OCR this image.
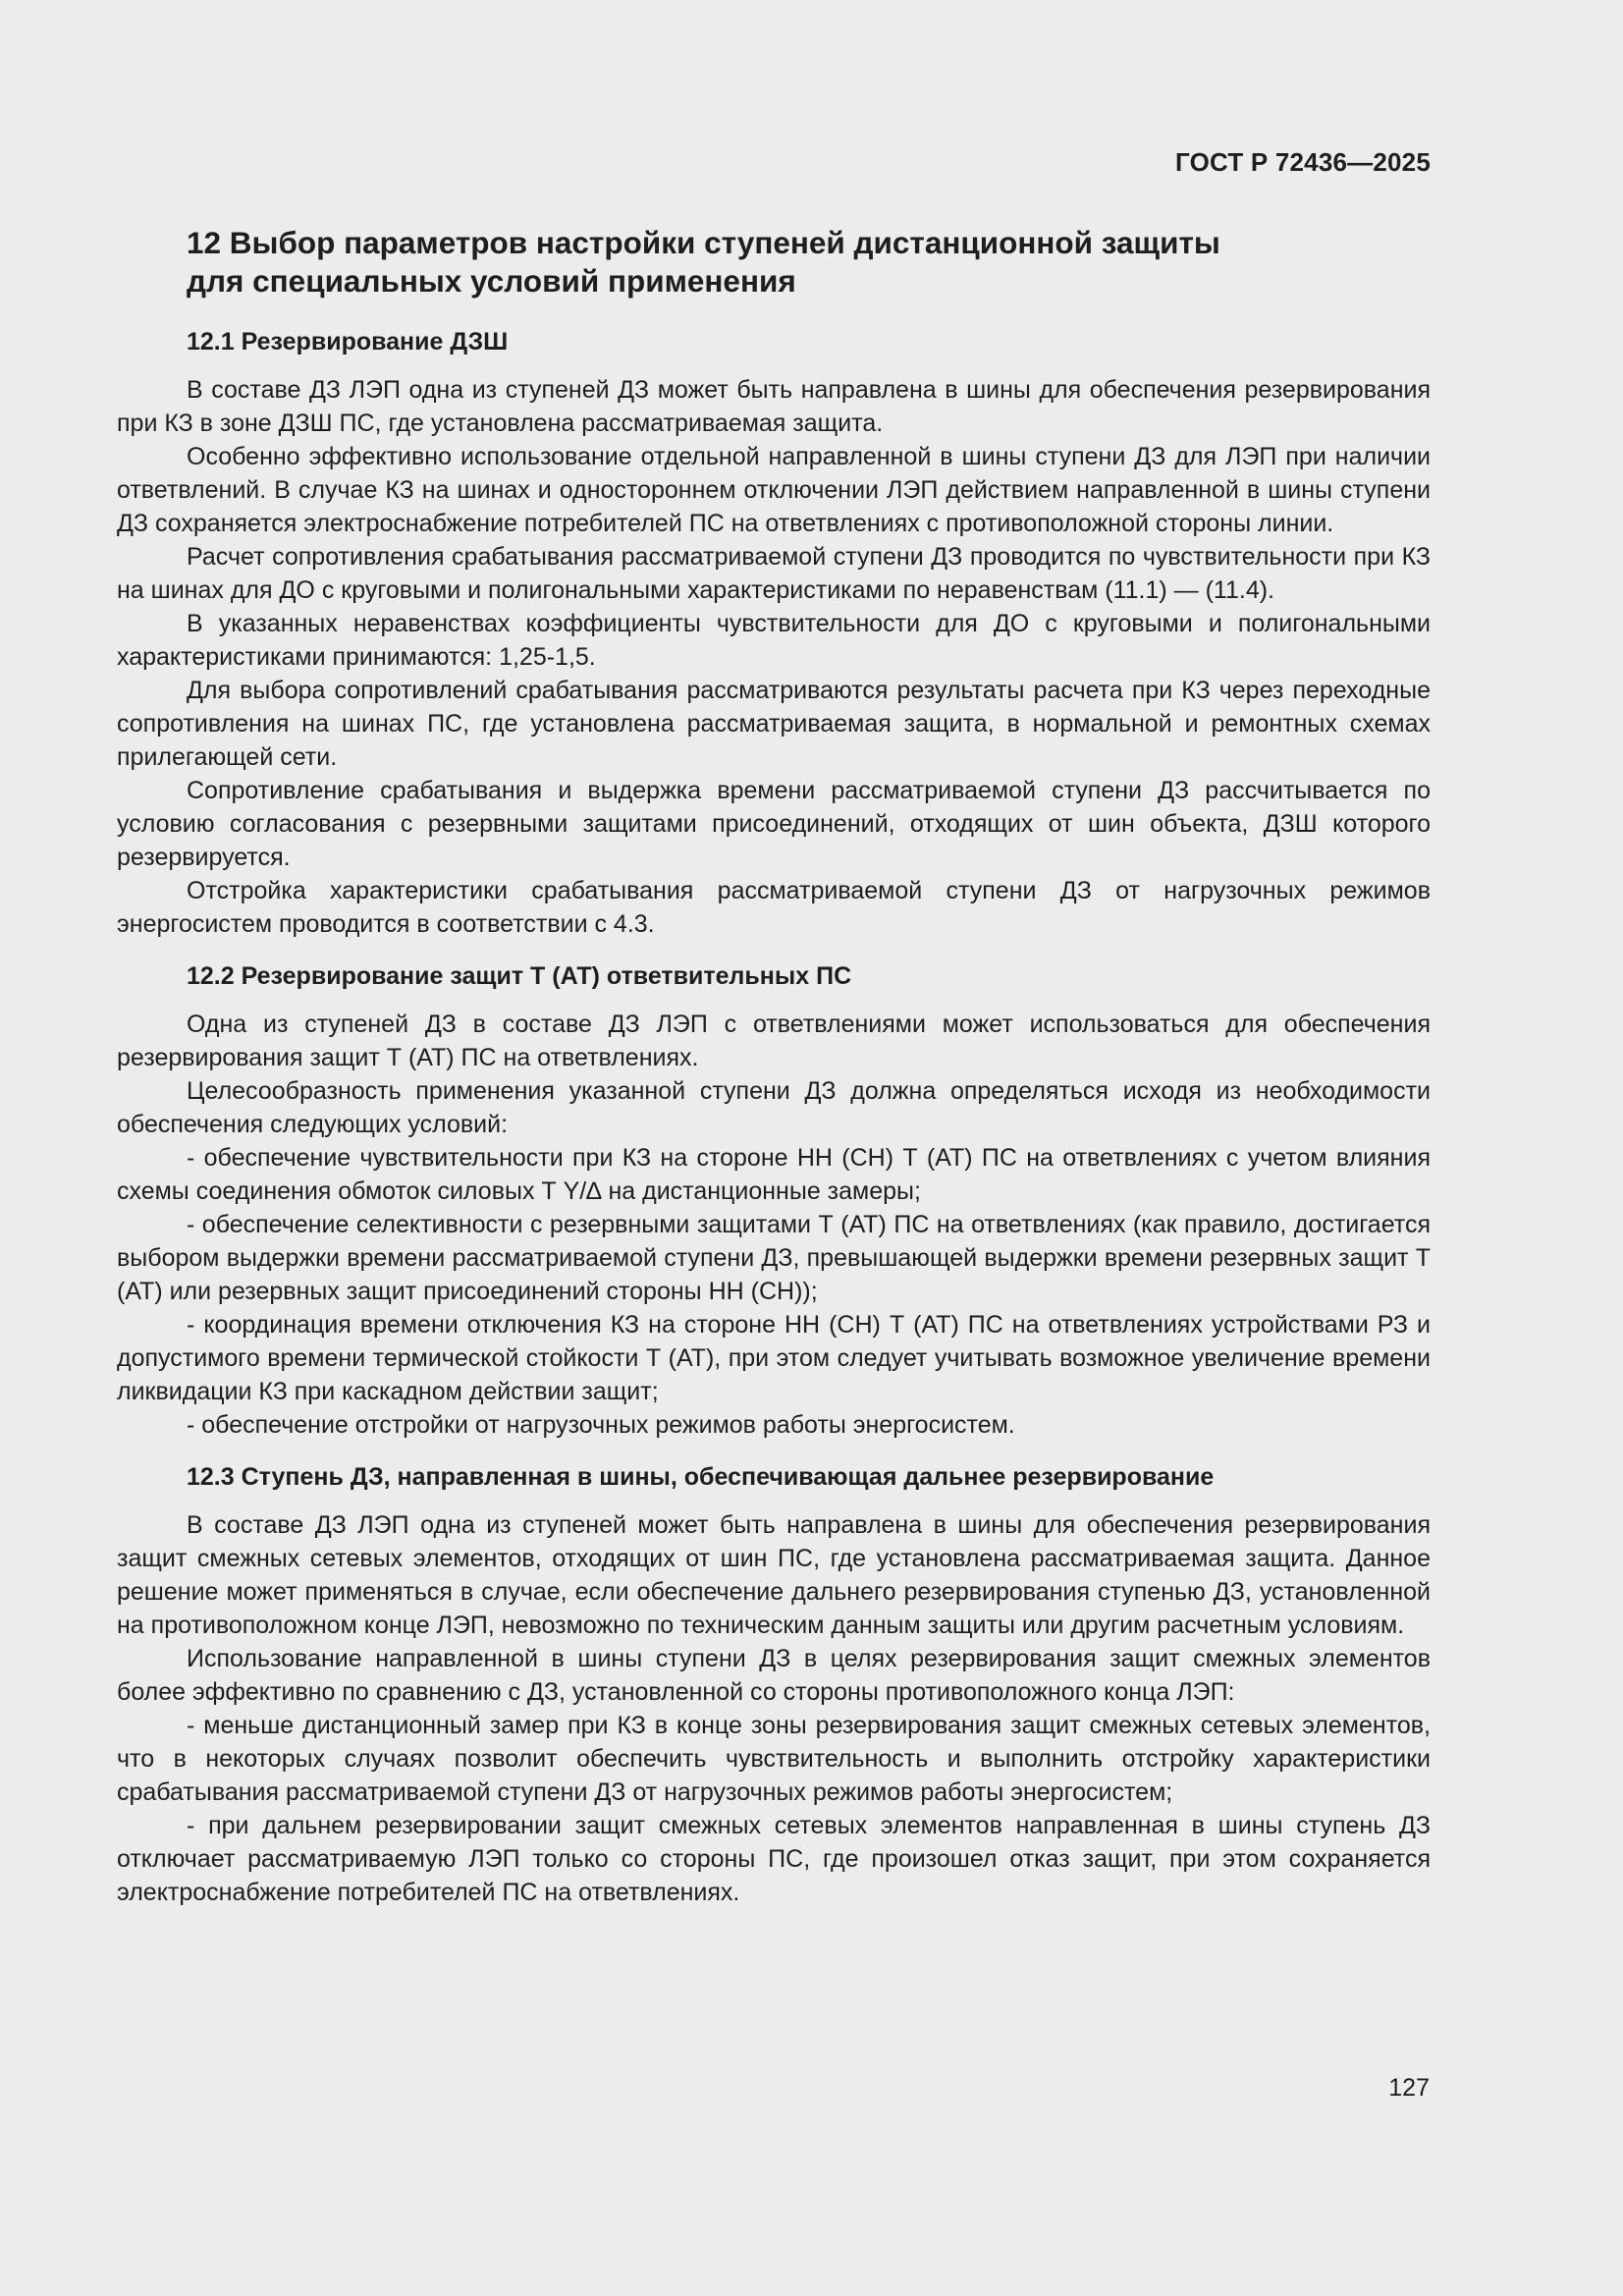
ГОСТ Р 72436—2025
12 Выбор параметров настройки ступеней дистанционной защиты
для специальных условий применения
12.1 Резервирование ДЗШ

В составе ДЗ ЛЭП одна из ступеней ДЗ может быть направлена в шины для обеспечения резервирования при КЗ в зоне ДЗШ ПС, где установлена рассматриваемая защита.

Особенно эффективно использование отдельной направленной в шины ступени ДЗ для ЛЭП при наличии ответвлений. В случае КЗ на шинах и одностороннем отключении ЛЭП действием направленной в шины ступени ДЗ сохраняется электроснабжение потребителей ПС на ответвлениях с противоположной стороны линии.

Расчет сопротивления срабатывания рассматриваемой ступени ДЗ проводится по чувствительности при КЗ на шинах для ДО с круговыми и полигональными характеристиками по неравенствам (11.1) — (11.4).

В указанных неравенствах коэффициенты чувствительности для ДО с круговыми и полигональными характеристиками принимаются: 1,25-1,5.

Для выбора сопротивлений срабатывания рассматриваются результаты расчета при КЗ через переходные сопротивления на шинах ПС, где установлена рассматриваемая защита, в нормальной и ремонтных схемах прилегающей сети.

Сопротивление срабатывания и выдержка времени рассматриваемой ступени ДЗ рассчитывается по условию согласования с резервными защитами присоединений, отходящих от шин объекта, ДЗШ которого резервируется.

Отстройка характеристики срабатывания рассматриваемой ступени ДЗ от нагрузочных режимов энергосистем проводится в соответствии с 4.3.

12.2 Резервирование защит Т (АТ) ответвительных ПС

Одна из ступеней ДЗ в составе ДЗ ЛЭП с ответвлениями может использоваться для обеспечения резервирования защит Т (АТ) ПС на ответвлениях.

Целесообразность применения указанной ступени ДЗ должна определяться исходя из необходимости обеспечения следующих условий:

- обеспечение чувствительности при КЗ на стороне НН (СН) Т (АТ) ПС на ответвлениях с учетом влияния схемы соединения обмоток силовых Т Y/∆ на дистанционные замеры;

- обеспечение селективности с резервными защитами Т (АТ) ПС на ответвлениях (как правило, достигается выбором выдержки времени рассматриваемой ступени ДЗ, превышающей выдержки времени резервных защит Т (АТ) или резервных защит присоединений стороны НН (СН));

- координация времени отключения КЗ на стороне НН (СН) Т (АТ) ПС на ответвлениях устройствами РЗ и допустимого времени термической стойкости Т (АТ), при этом следует учитывать возможное увеличение времени ликвидации КЗ при каскадном действии защит;

- обеспечение отстройки от нагрузочных режимов работы энергосистем.

12.3 Ступень ДЗ, направленная в шины, обеспечивающая дальнее резервирование

В составе ДЗ ЛЭП одна из ступеней может быть направлена в шины для обеспечения резервирования защит смежных сетевых элементов, отходящих от шин ПС, где установлена рассматриваемая защита. Данное решение может применяться в случае, если обеспечение дальнего резервирования ступенью ДЗ, установленной на противоположном конце ЛЭП, невозможно по техническим данным защиты или другим расчетным условиям.

Использование направленной в шины ступени ДЗ в целях резервирования защит смежных элементов более эффективно по сравнению с ДЗ, установленной со стороны противоположного конца ЛЭП:

- меньше дистанционный замер при КЗ в конце зоны резервирования защит смежных сетевых элементов, что в некоторых случаях позволит обеспечить чувствительность и выполнить отстройку характеристики срабатывания рассматриваемой ступени ДЗ от нагрузочных режимов работы энергосистем;

- при дальнем резервировании защит смежных сетевых элементов направленная в шины ступень ДЗ отключает рассматриваемую ЛЭП только со стороны ПС, где произошел отказ защит, при этом сохраняется электроснабжение потребителей ПС на ответвлениях.

127
